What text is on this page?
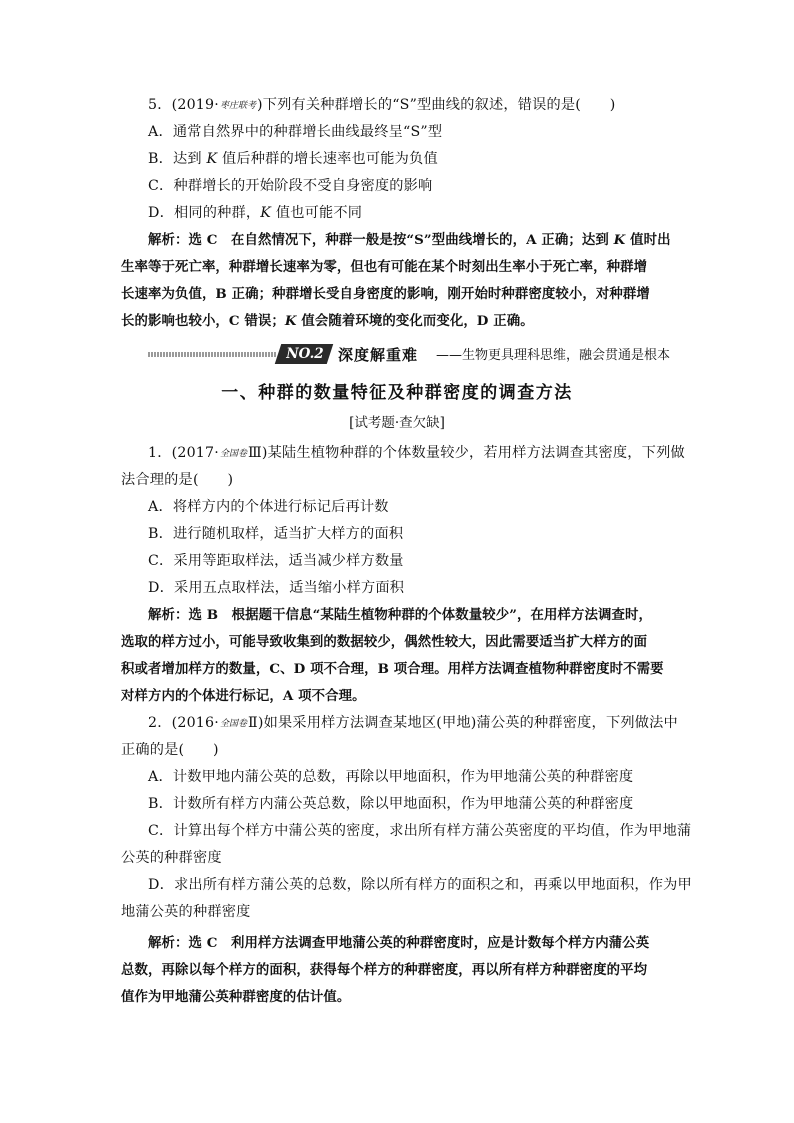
5．(2019·枣庄联考)下列有关种群增长的“S”型曲线的叙述，错误的是(　　)
A．通常自然界中的种群增长曲线最终呈“S”型
B．达到 K 值后种群的增长速率也可能为负值
C．种群增长的开始阶段不受自身密度的影响
D．相同的种群，K 值也可能不同
解析：选 C　在自然情况下，种群一般是按“S”型曲线增长的，A 正确；达到 K 值时出
生率等于死亡率，种群增长速率为零，但也有可能在某个时刻出生率小于死亡率，种群增
长速率为负值，B 正确；种群增长受自身密度的影响，刚开始时种群密度较小，对种群增
长的影响也较小，C 错误；K 值会随着环境的变化而变化，D 正确。
NO.2 深度解重难 ——生物更具理科思维，融会贯通是根本
一、种群的数量特征及种群密度的调查方法
[试考题·查欠缺]
1．(2017·全国卷Ⅲ)某陆生植物种群的个体数量较少，若用样方法调查其密度，下列做
法合理的是(　　)
A．将样方内的个体进行标记后再计数
B．进行随机取样，适当扩大样方的面积
C．采用等距取样法，适当减少样方数量
D．采用五点取样法，适当缩小样方面积
解析：选 B　根据题干信息“某陆生植物种群的个体数量较少”，在用样方法调查时，
选取的样方过小，可能导致收集到的数据较少，偶然性较大，因此需要适当扩大样方的面
积或者增加样方的数量，C、D 项不合理，B 项合理。用样方法调查植物种群密度时不需要
对样方内的个体进行标记，A 项不合理。
2．(2016·全国卷Ⅱ)如果采用样方法调查某地区(甲地)蒲公英的种群密度，下列做法中
正确的是(　　)
A．计数甲地内蒲公英的总数，再除以甲地面积，作为甲地蒲公英的种群密度
B．计数所有样方内蒲公英总数，除以甲地面积，作为甲地蒲公英的种群密度
C．计算出每个样方中蒲公英的密度，求出所有样方蒲公英密度的平均值，作为甲地蒲
公英的种群密度
D．求出所有样方蒲公英的总数，除以所有样方的面积之和，再乘以甲地面积，作为甲
地蒲公英的种群密度
解析：选 C　利用样方法调查甲地蒲公英的种群密度时，应是计数每个样方内蒲公英
总数，再除以每个样方的面积，获得每个样方的种群密度，再以所有样方种群密度的平均
值作为甲地蒲公英种群密度的估计值。
